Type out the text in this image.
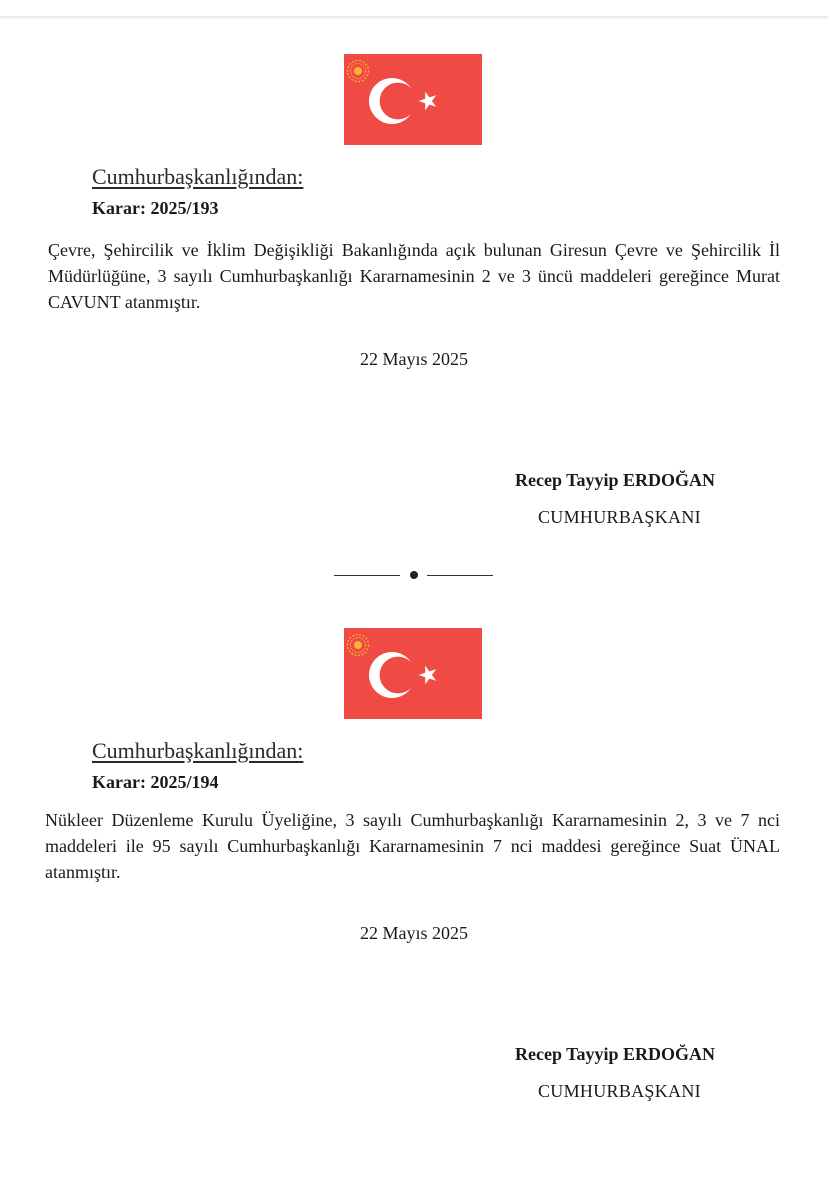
Cumhurbaşkanlığından:
Karar: 2025/193
Çevre, Şehircilik ve İklim Değişikliği Bakanlığında açık bulunan Giresun Çevre ve Şehircilik İl Müdürlüğüne, 3 sayılı Cumhurbaşkanlığı Kararnamesinin 2 ve 3 üncü maddeleri gereğince Murat CAVUNT atanmıştır.
22 Mayıs 2025
Recep Tayyip ERDOĞAN
CUMHURBAŞKANI
Cumhurbaşkanlığından:
Karar: 2025/194
Nükleer Düzenleme Kurulu Üyeliğine, 3 sayılı Cumhurbaşkanlığı Kararnamesinin 2, 3 ve 7 nci maddeleri ile 95 sayılı Cumhurbaşkanlığı Kararnamesinin 7 nci maddesi gereğince Suat ÜNAL atanmıştır.
22 Mayıs 2025
Recep Tayyip ERDOĞAN
CUMHURBAŞKANI
